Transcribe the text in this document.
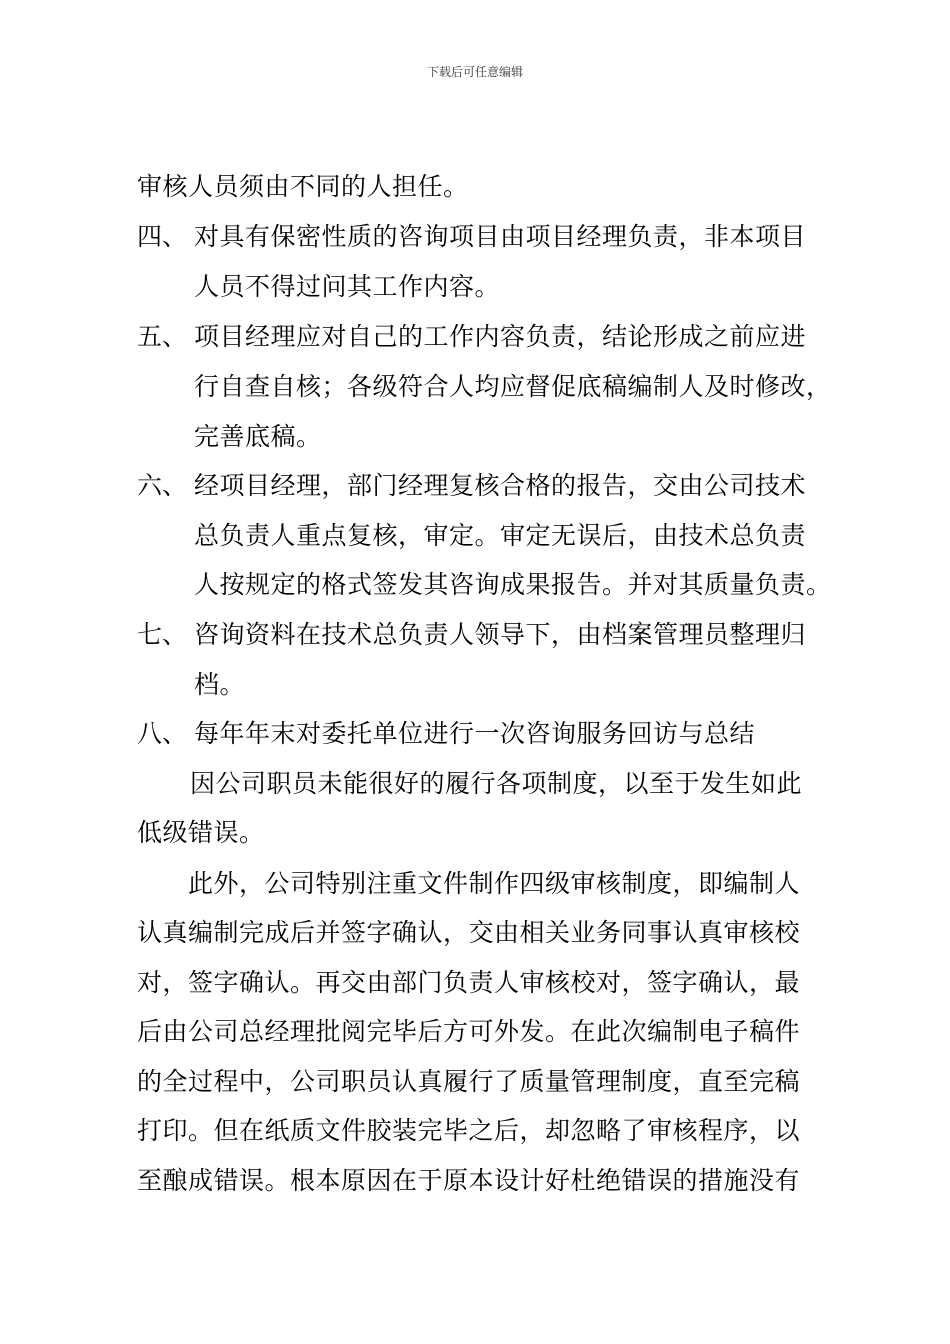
下载后可任意编辑
审核人员须由不同的人担任。
四、 对具有保密性质的咨询项目由项目经理负责，非本项目
人员不得过问其工作内容。
五、 项目经理应对自己的工作内容负责，结论形成之前应进
行自查自核；各级符合人均应督促底稿编制人及时修改，
完善底稿。
六、 经项目经理，部门经理复核合格的报告，交由公司技术
总负责人重点复核，审定。审定无误后，由技术总负责
人按规定的格式签发其咨询成果报告。并对其质量负责。
七、 咨询资料在技术总负责人领导下，由档案管理员整理归
档。
八、 每年年末对委托单位进行一次咨询服务回访与总结
因公司职员未能很好的履行各项制度，以至于发生如此
低级错误。
此外，公司特别注重文件制作四级审核制度，即编制人
认真编制完成后并签字确认，交由相关业务同事认真审核校
对，签字确认。再交由部门负责人审核校对，签字确认，最
后由公司总经理批阅完毕后方可外发。在此次编制电子稿件
的全过程中，公司职员认真履行了质量管理制度，直至完稿
打印。但在纸质文件胶装完毕之后，却忽略了审核程序，以
至酿成错误。根本原因在于原本设计好杜绝错误的措施没有
